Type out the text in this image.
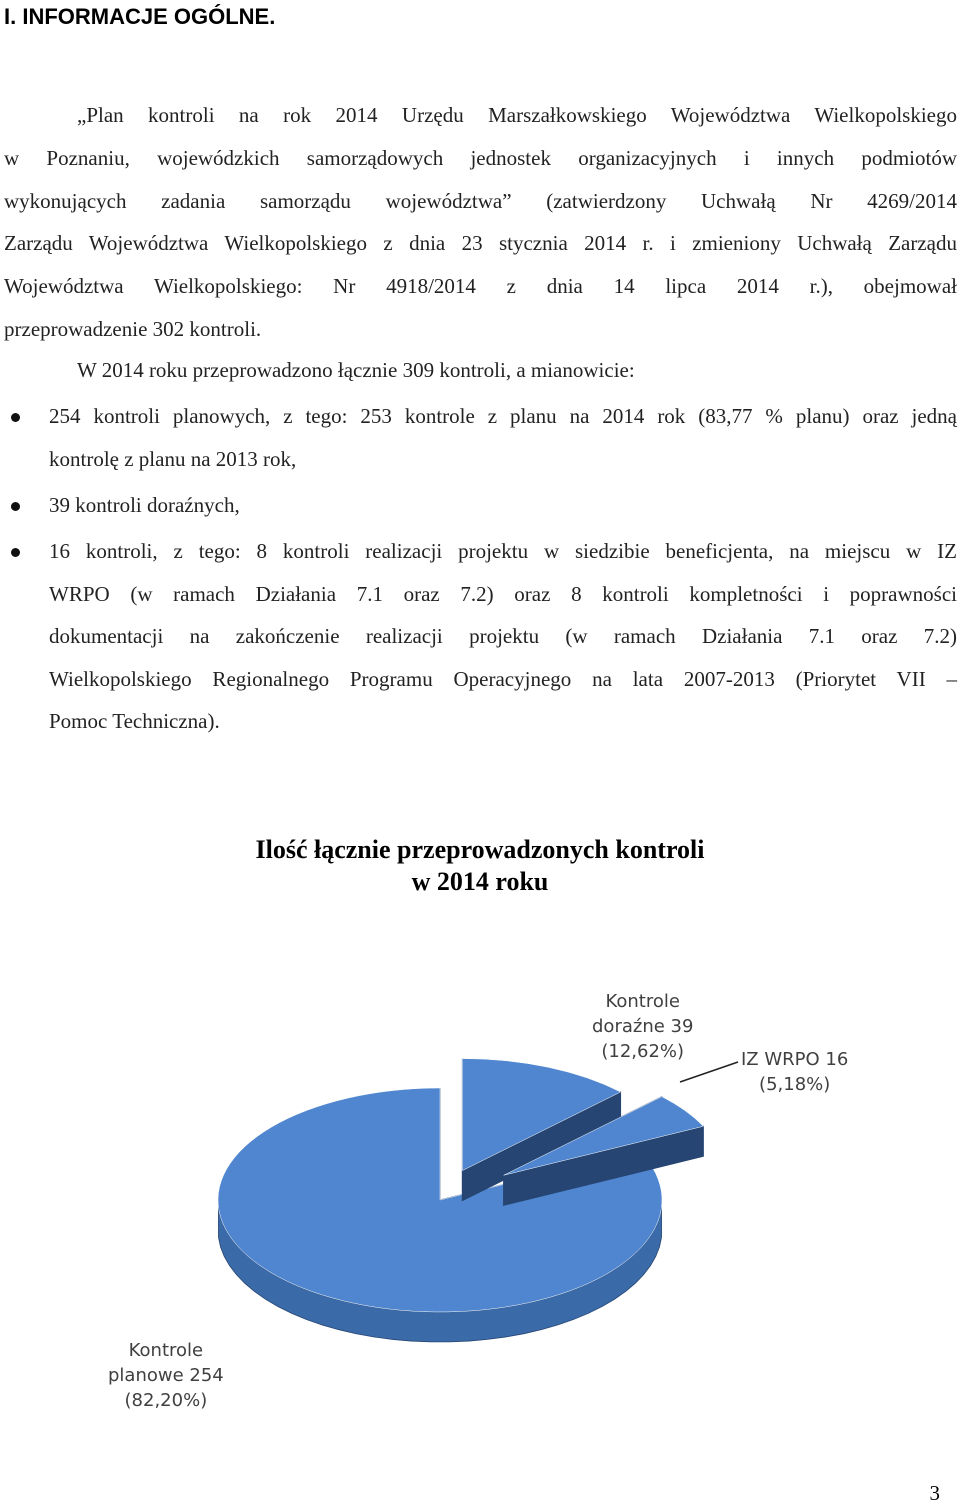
I. INFORMACJE OGÓLNE.
„Plan kontroli na rok 2014 Urzędu Marszałkowskiego Województwa Wielkopolskiego
w Poznaniu, wojewódzkich samorządowych jednostek organizacyjnych i innych podmiotów
wykonujących zadania samorządu województwa” (zatwierdzony Uchwałą Nr 4269/2014
Zarządu Województwa Wielkopolskiego z dnia 23 stycznia 2014 r. i zmieniony Uchwałą Zarządu
Województwa Wielkopolskiego: Nr 4918/2014 z dnia 14 lipca 2014 r.), obejmował
przeprowadzenie 302 kontroli.
W 2014 roku przeprowadzono łącznie 309 kontroli, a mianowicie:
254 kontroli planowych, z tego: 253 kontrole z planu na 2014 rok (83,77 % planu) oraz jedną
kontrolę z planu na 2013 rok,
39 kontroli doraźnych,
16 kontroli, z tego: 8 kontroli realizacji projektu w siedzibie beneficjenta, na miejscu w IZ
WRPO (w ramach Działania 7.1 oraz 7.2) oraz 8 kontroli kompletności i poprawności
dokumentacji na zakończenie realizacji projektu (w ramach Działania 7.1 oraz 7.2)
Wielkopolskiego Regionalnego Programu Operacyjnego na lata 2007-2013 (Priorytet VII –
Pomoc Techniczna).
Ilość łącznie przeprowadzonych kontroli
w 2014 roku
Kontrole
planowe 254
(82,20%)
Kontrole
doraźne 39
(12,62%)	IZ WRPO 16
(5,18%)
3
